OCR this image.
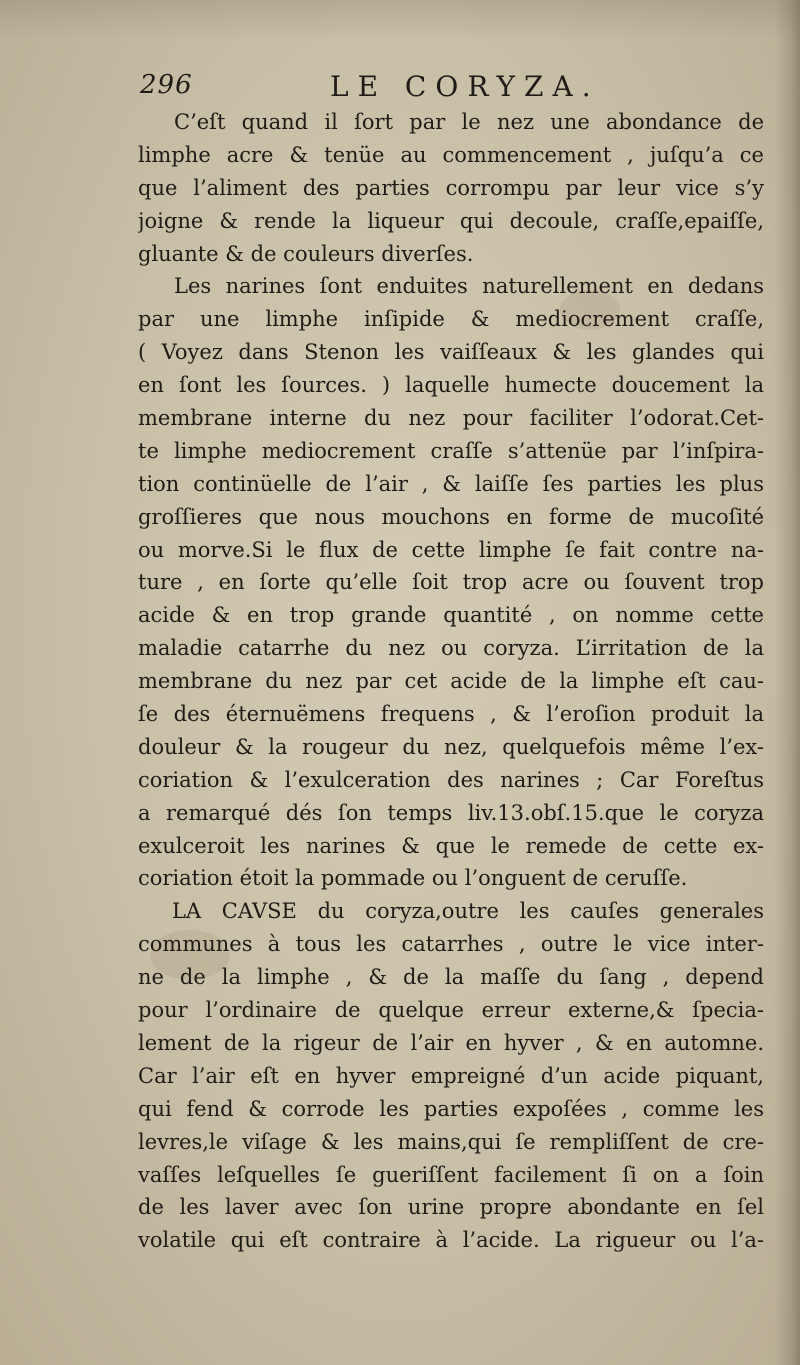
296	LE CORYZA.
C’eſt quand il ſort par le nez une abondance de
limphe acre & tenüe au commencement , juſqu’a ce
que l’aliment des parties corrompu par leur vice s’y
joigne & rende la liqueur qui decoule, craſſe,epaiſſe,
gluante & de couleurs diverſes.
Les narines ſont enduites naturellement en dedans
par une limphe inſipide & mediocrement craſſe,
( Voyez dans Stenon les vaiſſeaux & les glandes qui
en ſont les ſources. ) laquelle humecte doucement la
membrane interne du nez pour faciliter l’odorat.Cet-
te limphe mediocrement craſſe s’attenüe par l’inſpira-
tion continüelle de l’air , & laiſſe ſes parties les plus
groſſieres que nous mouchons en forme de mucoſité
ou morve.Si le flux de cette limphe ſe fait contre na-
ture , en ſorte qu’elle ſoit trop acre ou ſouvent trop
acide & en trop grande quantité , on nomme cette
maladie catarrhe du nez ou coryza. L’irritation de la
membrane du nez par cet acide de la limphe eſt cau-
ſe des éternuëmens frequens , & l’eroſion produit la
douleur & la rougeur du nez, quelquefois même l’ex-
coriation & l’exulceration des narines ; Car Foreſtus
a remarqué dés ſon temps liv.13.obſ.15.que le coryza
exulceroit les narines & que le remede de cette ex-
coriation étoit la pommade ou l’onguent de ceruſſe.
LA CAVSE du coryza,outre les cauſes generales
communes à tous les catarrhes , outre le vice inter-
ne de la limphe , & de la maſſe du ſang , depend
pour l’ordinaire de quelque erreur externe,& ſpecia-
lement de la rigeur de l’air en hyver , & en automne.
Car l’air eſt en hyver empreigné d’un acide piquant,
qui fend & corrode les parties expoſées , comme les
levres,le viſage & les mains,qui ſe rempliſſent de cre-
vaſſes leſquelles ſe gueriſſent facilement ſi on a ſoin
de les laver avec ſon urine propre abondante en ſel
volatile qui eſt contraire à l’acide. La rigueur ou l’a-
